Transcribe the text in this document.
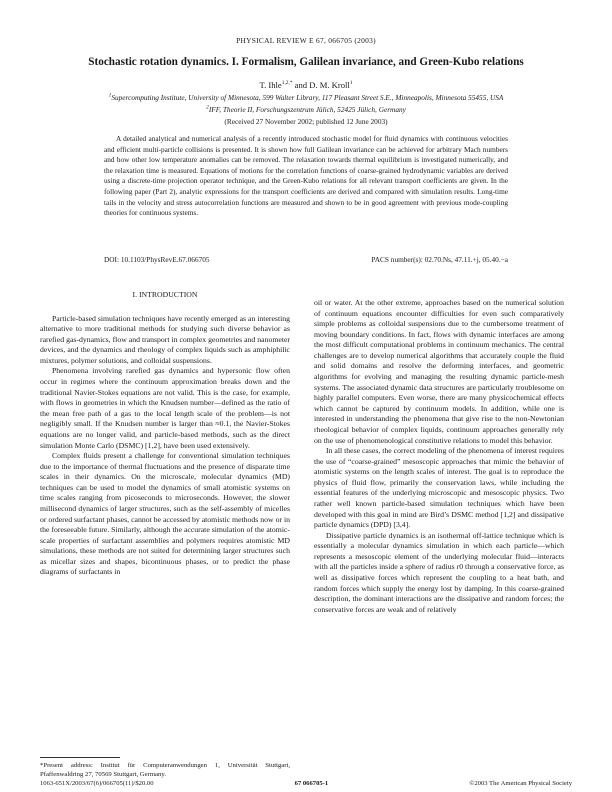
PHYSICAL REVIEW E 67, 066705 (2003)
Stochastic rotation dynamics. I. Formalism, Galilean invariance, and Green-Kubo relations
T. Ihle$^{1,2,*}$ and D. M. Kroll$^1$
$^1$Supercomputing Institute, University of Minnesota, 599 Walter Library, 117 Pleasant Street S.E., Minneapolis, Minnesota 55455, USA
$^2$IFF, Theorie II, Forschungszentrum Jülich, 52425 Jülich, Germany
(Received 27 November 2002; published 12 June 2003)
A detailed analytical and numerical analysis of a recently introduced stochastic model for fluid dynamics with continuous velocities and efficient multi-particle collisions is presented. It is shown how full Galilean invariance can be achieved for arbitrary Mach numbers and how other low temperature anomalies can be removed. The relaxation towards thermal equilibrium is investigated numerically, and the relaxation time is measured. Equations of motions for the correlation functions of coarse-grained hydrodynamic variables are derived using a discrete-time projection operator technique, and the Green-Kubo relations for all relevant transport coefficients are given. In the following paper (Part 2), analytic expressions for the transport coefficients are derived and compared with simulation results. Long-time tails in the velocity and stress autocorrelation functions are measured and shown to be in good agreement with previous mode-coupling theories for continuous systems.
DOI: 10.1103/PhysRevE.67.066705	PACS number(s): 02.70.Ns, 47.11.+j, 05.40.−a
I. INTRODUCTION

Particle-based simulation techniques have recently emerged as an interesting alternative to more traditional methods for studying such diverse behavior as rarefied gas-dynamics, flow and transport in complex geometries and nanometer devices, and the dynamics and rheology of complex liquids such as amphiphilic mixtures, polymer solutions, and colloidal suspensions.

Phenomena involving rarefied gas dynamics and hypersonic flow often occur in regimes where the continuum approximation breaks down and the traditional Navier-Stokes equations are not valid. This is the case, for example, with flows in geometries in which the Knudsen number—defined as the ratio of the mean free path of a gas to the local length scale of the problem—is not negligibly small. If the Knudsen number is larger than ≈0.1, the Navier-Stokes equations are no longer valid, and particle-based methods, such as the direct simulation Monte Carlo (DSMC) [1,2], have been used extensively.

Complex fluids present a challenge for conventional simulation techniques due to the importance of thermal fluctuations and the presence of disparate time scales in their dynamics. On the microscale, molecular dynamics (MD) techniques can be used to model the dynamics of small atomistic systems on time scales ranging from picoseconds to microseconds. However, the slower millisecond dynamics of larger structures, such as the self-assembly of micelles or ordered surfactant phases, cannot be accessed by atomistic methods now or in the foreseeable future. Similarly, although the accurate simulation of the atomic-scale properties of surfactant assemblies and polymers requires atomistic MD simulations, these methods are not suited for determining larger structures such as micellar sizes and shapes, bicontinuous phases, or to predict the phase diagrams of surfactants in

oil or water. At the other extreme, approaches based on the numerical solution of continuum equations encounter difficulties for even such comparatively simple problems as colloidal suspensions due to the cumbersome treatment of moving boundary conditions. In fact, flows with dynamic interfaces are among the most difficult computational problems in continuum mechanics. The central challenges are to develop numerical algorithms that accurately couple the fluid and solid domains and resolve the deforming interfaces, and geometric algorithms for evolving and managing the resulting dynamic particle-mesh systems. The associated dynamic data structures are particularly troublesome on highly parallel computers. Even worse, there are many physicochemical effects which cannot be captured by continuum models. In addition, while one is interested in understanding the phenomena that give rise to the non-Newtonian rheological behavior of complex liquids, continuum approaches generally rely on the use of phenomenological constitutive relations to model this behavior.

In all these cases, the correct modeling of the phenomena of interest requires the use of “coarse-grained” mesoscopic approaches that mimic the behavior of atomistic systems on the length scales of interest. The goal is to reproduce the physics of fluid flow, primarily the conservation laws, while including the essential features of the underlying microscopic and mesoscopic physics. Two rather well known particle-based simulation techniques which have been developed with this goal in mind are Bird’s DSMC method [1,2] and dissipative particle dynamics (DPD) [3,4].

Dissipative particle dynamics is an isothermal off-lattice technique which is essentially a molecular dynamics simulation in which each particle—which represents a mesoscopic element of the underlying molecular fluid—interacts with all the particles inside a sphere of radius r0 through a conservative force, as well as dissipative forces which represent the coupling to a heat bath, and random forces which supply the energy lost by damping. In this coarse-grained description, the dominant interactions are the dissipative and random forces; the conservative forces are weak and of relatively

*Present address: Institut für Computeranwendungen 1, Universität Stuttgart, Pfaffenwaldring 27, 70569 Stuttgart, Germany.
1063-651X/2003/67(6)/066705(11)/$20.00	67 066705-1	©2003 The American Physical Society
